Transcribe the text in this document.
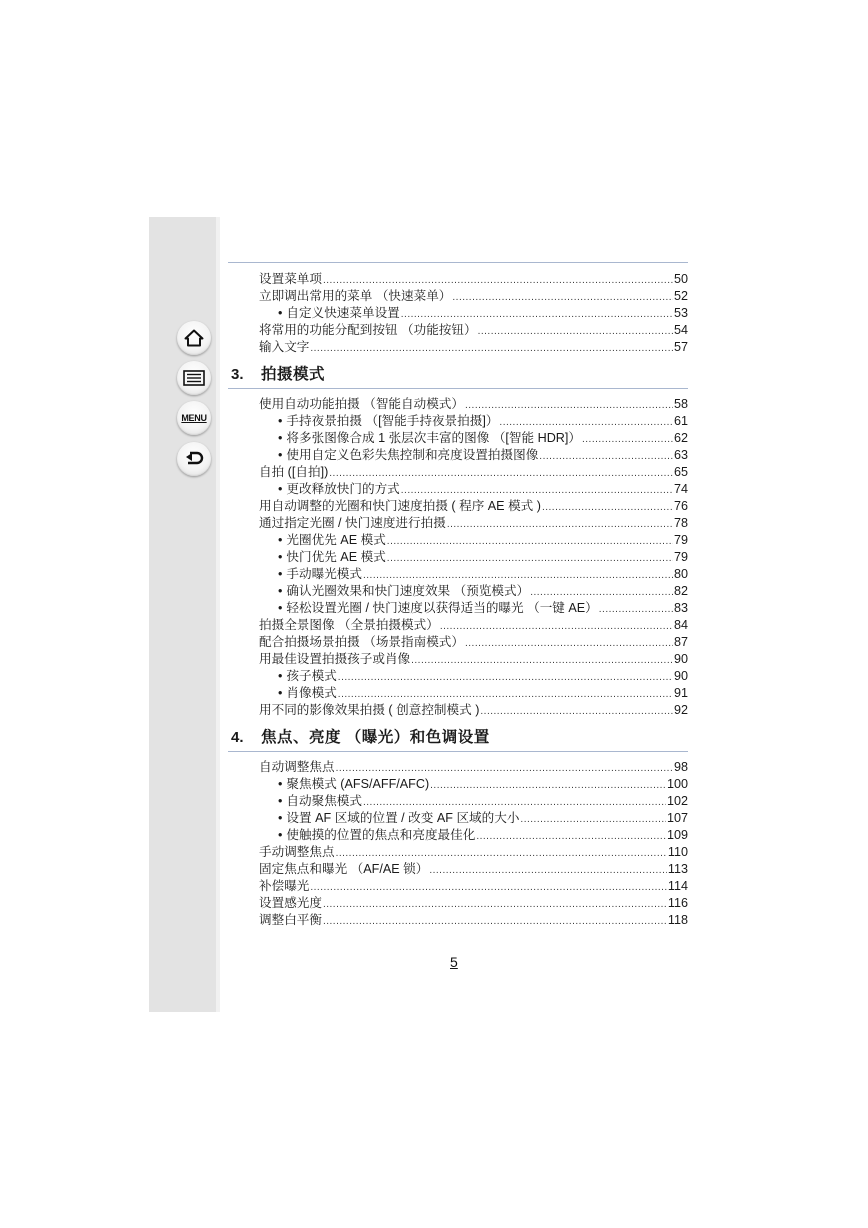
MENU
设置菜单项 .....	50
立即调出常用的菜单 （快速菜单） .....	52
• 自定义快速菜单设置 .....	53
将常用的功能分配到按钮 （功能按钮） .....	54
输入文字 .....	57
3.	拍摄模式
使用自动功能拍摄 （智能自动模式） .....	58
• 手持夜景拍摄 （[智能手持夜景拍摄]） .....	61
• 将多张图像合成 1 张层次丰富的图像 （[智能 HDR]） .....	62
• 使用自定义色彩失焦控制和亮度设置拍摄图像 .....	63
自拍 ([自拍]) .....	65
• 更改释放快门的方式 .....	74
用自动调整的光圈和快门速度拍摄 ( 程序 AE 模式 ) .....	76
通过指定光圈 / 快门速度进行拍摄 .....	78
• 光圈优先 AE 模式 .....	79
• 快门优先 AE 模式 .....	79
• 手动曝光模式 .....	80
• 确认光圈效果和快门速度效果 （预览模式） .....	82
• 轻松设置光圈 / 快门速度以获得适当的曝光 （一键 AE） .....	83
拍摄全景图像 （全景拍摄模式） .....	84
配合拍摄场景拍摄 （场景指南模式） .....	87
用最佳设置拍摄孩子或肖像 .....	90
• 孩子模式 .....	90
• 肖像模式 .....	91
用不同的影像效果拍摄 ( 创意控制模式 ) .....	92
4.	焦点、亮度 （曝光）和色调设置
自动调整焦点 .....	98
• 聚焦模式 (AFS/AFF/AFC) .....	100
• 自动聚焦模式 .....	102
• 设置 AF 区域的位置 / 改变 AF 区域的大小 .....	107
• 使触摸的位置的焦点和亮度最佳化 .....	109
手动调整焦点 .....	110
固定焦点和曝光 （AF/AE 锁） .....	113
补偿曝光 .....	114
设置感光度 .....	116
调整白平衡 .....	118
5
